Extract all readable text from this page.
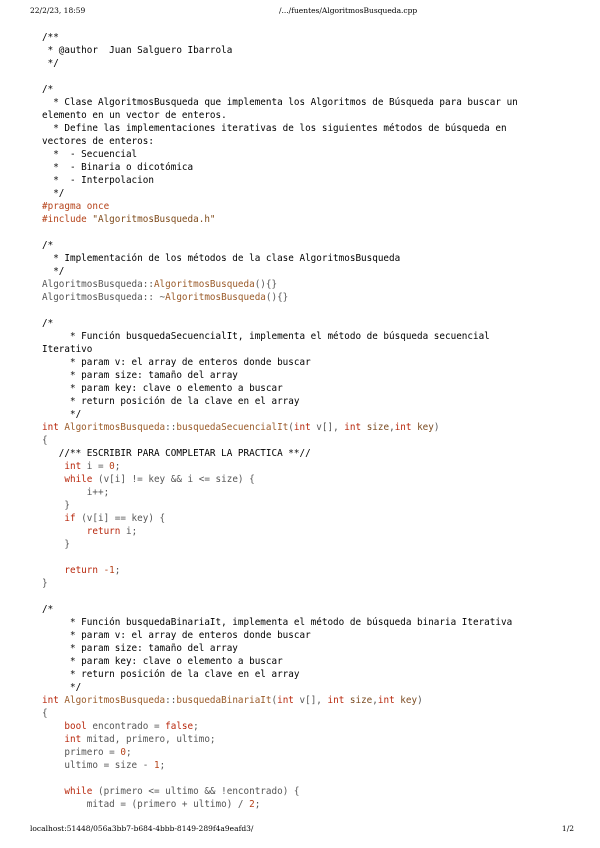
22/2/23, 18:59	/.../fuentes/AlgoritmosBusqueda.cpp
/**
* @author  Juan Salguero Ibarrola
*/
/*
* Clase AlgoritmosBusqueda que implementa los Algoritmos de Búsqueda para buscar un
elemento en un vector de enteros.
* Define las implementaciones iterativas de los siguientes métodos de búsqueda en
vectores de enteros:
*  - Secuencial
*  - Binaria o dicotómica
*  - Interpolacion
*/
#pragma once
#include "AlgoritmosBusqueda.h"
/*
* Implementación de los métodos de la clase AlgoritmosBusqueda
*/
AlgoritmosBusqueda::AlgoritmosBusqueda(){}
AlgoritmosBusqueda:: ~AlgoritmosBusqueda(){}
/*
* Función busquedaSecuencialIt, implementa el método de búsqueda secuencial
Iterativo
* param v: el array de enteros donde buscar
* param size: tamaño del array
* param key: clave o elemento a buscar
* return posición de la clave en el array
*/
int AlgoritmosBusqueda::busquedaSecuencialIt(int v[], int size,int key)
{
//** ESCRIBIR PARA COMPLETAR LA PRACTICA **//
int i = 0;
while (v[i] != key && i <= size) {
i++;
}
if (v[i] == key) {
return i;
}
return -1;
}
/*
* Función busquedaBinariaIt, implementa el método de búsqueda binaria Iterativa
* param v: el array de enteros donde buscar
* param size: tamaño del array
* param key: clave o elemento a buscar
* return posición de la clave en el array
*/
int AlgoritmosBusqueda::busquedaBinariaIt(int v[], int size,int key)
{
bool encontrado = false;
int mitad, primero, ultimo;
primero = 0;
ultimo = size - 1;
while (primero <= ultimo && !encontrado) {
mitad = (primero + ultimo) / 2;
localhost:51448/056a3bb7-b684-4bbb-8149-289f4a9eafd3/	1/2
